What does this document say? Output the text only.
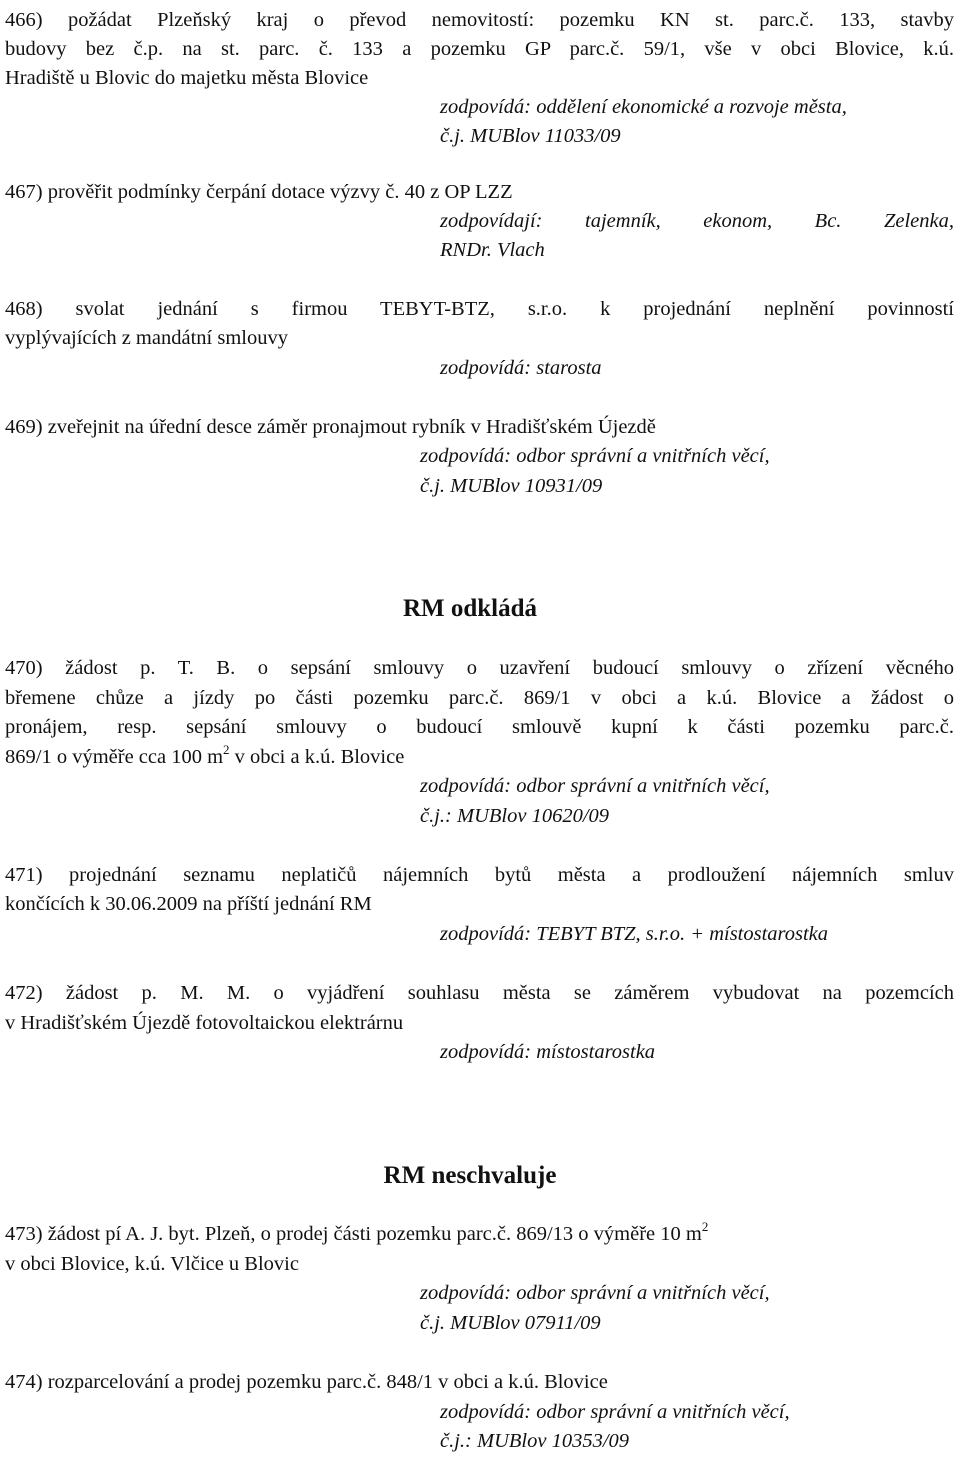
466) požádat Plzeňský kraj o převod nemovitostí: pozemku KN st. parc.č. 133, stavby
budovy bez č.p. na st. parc. č. 133 a pozemku GP parc.č. 59/1, vše v obci Blovice, k.ú.
Hradiště u Blovic do majetku města Blovice
zodpovídá: oddělení ekonomické a rozvoje města,
č.j. MUBlov 11033/09
467) prověřit podmínky čerpání dotace výzvy č. 40 z OP LZZ
zodpovídají: tajemník, ekonom, Bc. Zelenka,
RNDr. Vlach
468) svolat jednání s firmou TEBYT-BTZ, s.r.o. k projednání neplnění povinností
vyplývajících z mandátní smlouvy
zodpovídá: starosta
469) zveřejnit na úřední desce záměr pronajmout rybník v Hradišťském Újezdě
zodpovídá: odbor správní a vnitřních věcí,
č.j. MUBlov 10931/09
RM odkládá
470) žádost p. T. B. o sepsání smlouvy o uzavření budoucí smlouvy o zřízení věcného
břemene chůze a jízdy po části pozemku parc.č. 869/1 v obci a k.ú. Blovice a žádost o
pronájem, resp. sepsání smlouvy o budoucí smlouvě kupní k části pozemku parc.č.
869/1 o výměře cca 100 $m^2$ v obci a k.ú. Blovice
zodpovídá: odbor správní a vnitřních věcí,
č.j.: MUBlov 10620/09
471) projednání seznamu neplatičů nájemních bytů města a prodloužení nájemních smluv
končících k 30.06.2009 na příští jednání RM
zodpovídá: TEBYT BTZ, s.r.o. + místostarostka
472) žádost p. M. M. o vyjádření souhlasu města se záměrem vybudovat na pozemcích
v Hradišťském Újezdě fotovoltaickou elektrárnu
zodpovídá: místostarostka
RM neschvaluje
473) žádost pí A. J. byt. Plzeň, o prodej části pozemku parc.č. 869/13 o výměře 10 $m^2$
v obci Blovice, k.ú. Vlčice u Blovic
zodpovídá: odbor správní a vnitřních věcí,
č.j. MUBlov 07911/09
474) rozparcelování a prodej pozemku parc.č. 848/1 v obci a k.ú. Blovice
zodpovídá: odbor správní a vnitřních věcí,
č.j.: MUBlov 10353/09
